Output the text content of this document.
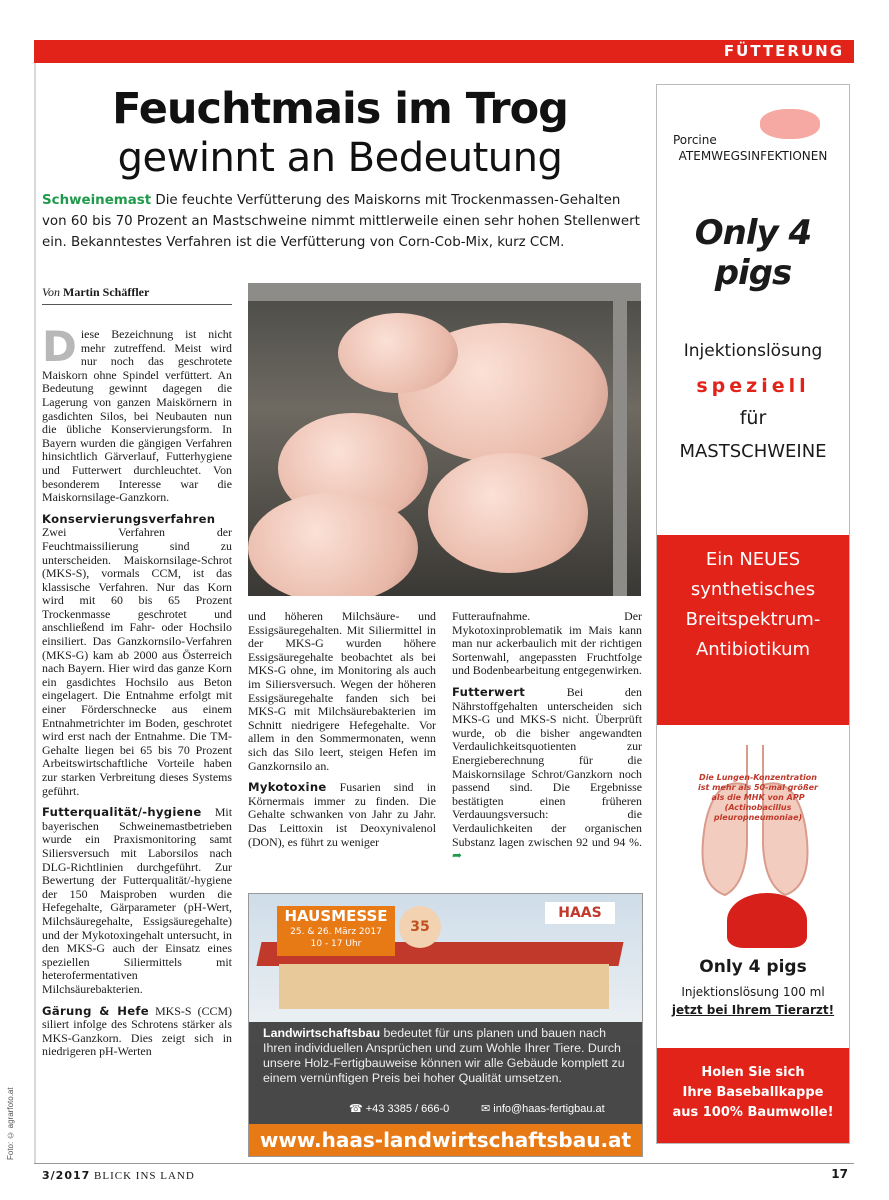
FÜTTERUNG
Feuchtmais im Trog
gewinnt an Bedeutung
Schweinemast Die feuchte Verfütterung des Maiskorns mit Trockenmassen-Gehalten von 60 bis 70 Prozent an Mastschweine nimmt mittlerweile einen sehr hohen Stellenwert ein. Bekanntestes Verfahren ist die Verfütterung von Corn-Cob-Mix, kurz CCM.
Von Martin Schäffler
Diese Bezeichnung ist nicht mehr zutreffend. Meist wird nur noch das geschrotete Maiskorn ohne Spindel verfüttert. An Bedeutung gewinnt dagegen die Lagerung von ganzen Maiskörnern in gasdichten Silos, bei Neubauten nun die übliche Konservierungsform. In Bayern wurden die gängigen Verfahren hinsichtlich Gärverlauf, Futterhygiene und Futterwert durchleuchtet. Von besonderem Interesse war die Maiskornsilage-Ganzkorn.
Konservierungsverfahren Zwei Verfahren der Feuchtmaissilierung sind zu unterscheiden. Maiskornsilage-Schrot (MKS-S), vormals CCM, ist das klassische Verfahren. Nur das Korn wird mit 60 bis 65 Prozent Trockenmasse geschrotet und anschließend im Fahr- oder Hochsilo einsiliert. Das Ganzkornsilo-Verfahren (MKS-G) kam ab 2000 aus Österreich nach Bayern. Hier wird das ganze Korn ein gasdichtes Hochsilo aus Beton eingelagert. Die Entnahme erfolgt mit einer Förderschnecke aus einem Entnahmetrichter im Boden, geschrotet wird erst nach der Entnahme. Die TM-Gehalte liegen bei 65 bis 70 Prozent Arbeitswirtschaftliche Vorteile haben zur starken Verbreitung dieses Systems geführt.
Futterqualität/-hygiene Mit bayerischen Schweinemastbetrieben wurde ein Praxismonitoring samt Siliersversuch mit Laborsilos nach DLG-Richtlinien durchgeführt. Zur Bewertung der Futterqualität/-hygiene der 150 Maisproben wurden die Hefegehalte, Gärparameter (pH-Wert, Milchsäuregehalte, Essigsäuregehalte) und der Mykotoxingehalt untersucht, in den MKS-G auch der Einsatz eines speziellen Siliermittels mit heterofermentativen Milchsäurebakterien.
Gärung & Hefe MKS-S (CCM) siliert infolge des Schrotens stärker als MKS-Ganzkorn. Dies zeigt sich in niedrigeren pH-Werten
und höheren Milchsäure- und Essigsäuregehalten. Mit Siliermittel in der MKS-G wurden höhere Essigsäuregehalte beobachtet als bei MKS-G ohne, im Monitoring als auch im Siliersversuch. Wegen der höheren Essigsäuregehalte fanden sich bei MKS-G mit Milchsäurebakterien im Schnitt niedrigere Hefegehalte. Vor allem in den Sommermonaten, wenn sich das Silo leert, steigen Hefen im Ganzkornsilo an.
Mykotoxine Fusarien sind in Körnermais immer zu finden. Die Gehalte schwanken von Jahr zu Jahr. Das Leittoxin ist Deoxynivalenol (DON), es führt zu weniger
Futteraufnahme. Der Mykotoxinproblematik im Mais kann man nur ackerbaulich mit der richtigen Sortenwahl, angepassten Fruchtfolge und Bodenbearbeitung entgegenwirken.
Futterwert Bei den Nährstoffgehalten unterscheiden sich MKS-G und MKS-S nicht. Überprüft wurde, ob die bisher angewandten Verdaulichkeitsquotienten zur Energieberechnung für die Maiskornsilage Schrot/Ganzkorn noch passend sind. Die Ergebnisse bestätigten einen früheren Verdauungsversuch: die Verdaulichkeiten der organischen Substanz lagen zwischen 92 und 94 %. ➦
Porcine
ATEMWEGSINFEKTIONEN
Only 4 pigs
Injektionslösung
speziell
für
MASTSCHWEINE
Ein NEUES
synthetisches
Breitspektrum-
Antibiotikum
Die Lungen-Konzentration ist mehr als 50-mal größer als die MHK von APP (Actinobacillus pleuropneumoniae)
Only 4 pigs
Injektionslösung 100 ml
jetzt bei Ihrem Tierarzt!
Holen Sie sich
Ihre Baseballkappe
aus 100% Baumwolle!
HAUSMESSE
25. & 26. März 2017
10 - 17 Uhr
35
HAAS
Landwirtschaftsbau bedeutet für uns planen und bauen nach Ihren individuellen Ansprüchen und zum Wohle Ihrer Tiere. Durch unsere Holz-Fertigbauweise können wir alle Gebäude komplett zu einem vernünftigen Preis bei hoher Qualität umsetzen.
☎ +43 3385 / 666-0	✉ info@haas-fertigbau.at
www.haas-landwirtschaftsbau.at
Foto: © agrarfoto.at
3/2017 BLICK INS LAND	17
